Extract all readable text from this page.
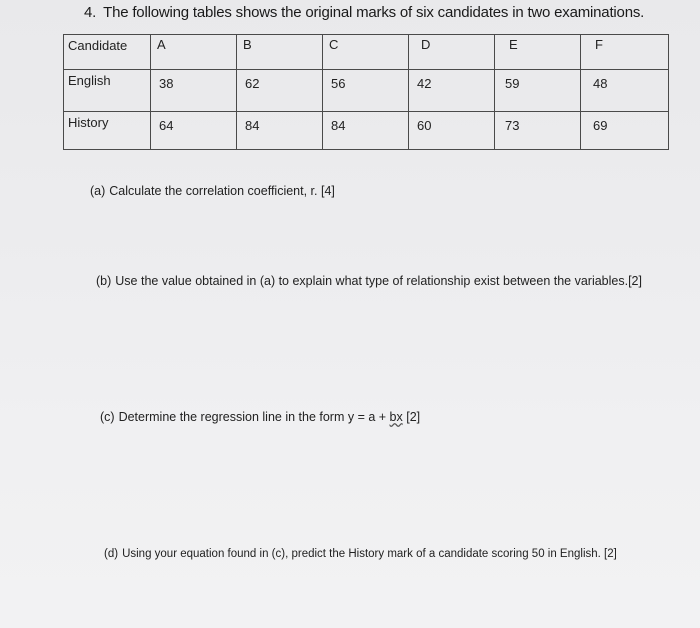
4. The following tables shows the original marks of six candidates in two examinations.
Candidate	A	B	C	D	E	F

English	38	62	56	42	59	48

History	64	84	84	60	73	69
(a) Calculate the correlation coefficient, r. [4]
(b) Use the value obtained in (a) to explain what type of relationship exist between the variables.[2]
(c) Determine the regression line in the form y = a + bx [2]
(d) Using your equation found in (c), predict the History mark of a candidate scoring 50 in English. [2]
